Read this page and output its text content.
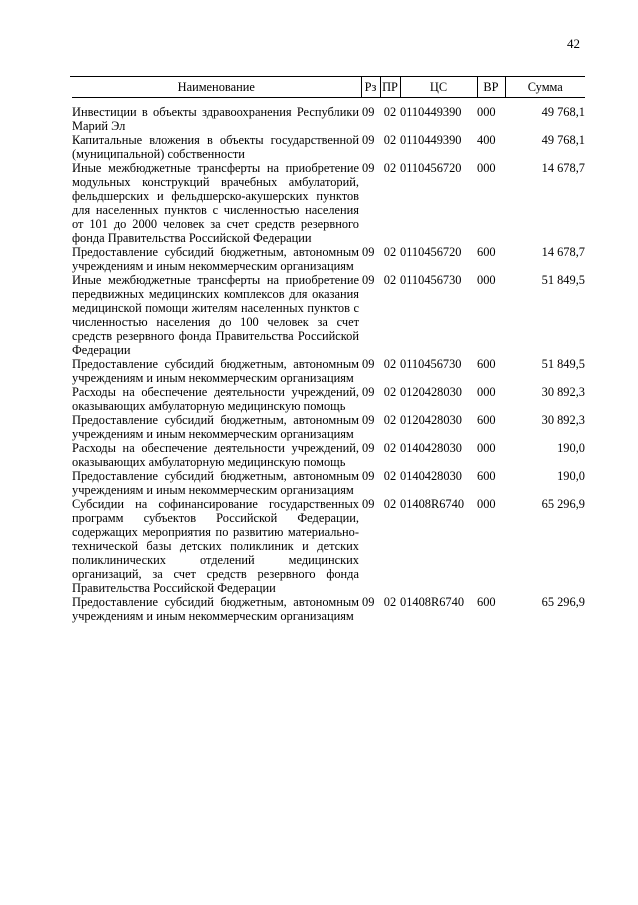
42
Наименование	Рз	ПР	ЦС	ВР	Сумма
Инвестиции в объекты здравоохранения Республики Марий Эл	09	02	0110449390	000	49 768,1
Капитальные вложения в объекты государственной (муниципальной) собственности	09	02	0110449390	400	49 768,1
Иные межбюджетные трансферты на приобретение модульных конструкций врачебных амбулаторий, фельдшерских и фельдшерско-акушерских пунктов для населенных пунктов с численностью населения от 101 до 2000 человек за счет средств резервного фонда Правительства Российской Федерации	09	02	0110456720	000	14 678,7
Предоставление субсидий бюджетным, автономным учреждениям и иным некоммерческим организациям	09	02	0110456720	600	14 678,7
Иные межбюджетные трансферты на приобретение передвижных медицинских комплексов для оказания медицинской помощи жителям населенных пунктов с численностью населения до 100 человек за счет средств резервного фонда Правительства Российской Федерации	09	02	0110456730	000	51 849,5
Предоставление субсидий бюджетным, автономным учреждениям и иным некоммерческим организациям	09	02	0110456730	600	51 849,5
Расходы на обеспечение деятельности учреждений, оказывающих амбулаторную медицинскую помощь	09	02	0120428030	000	30 892,3
Предоставление субсидий бюджетным, автономным учреждениям и иным некоммерческим организациям	09	02	0120428030	600	30 892,3
Расходы на обеспечение деятельности учреждений, оказывающих амбулаторную медицинскую помощь	09	02	0140428030	000	190,0
Предоставление субсидий бюджетным, автономным учреждениям и иным некоммерческим организациям	09	02	0140428030	600	190,0
Субсидии на софинансирование государственных программ субъектов Российской Федерации, содержащих мероприятия по развитию материально-технической базы детских поликлиник и детских поликлинических отделений медицинских организаций, за счет средств резервного фонда Правительства Российской Федерации	09	02	01408R6740	000	65 296,9
Предоставление субсидий бюджетным, автономным учреждениям и иным некоммерческим организациям	09	02	01408R6740	600	65 296,9
